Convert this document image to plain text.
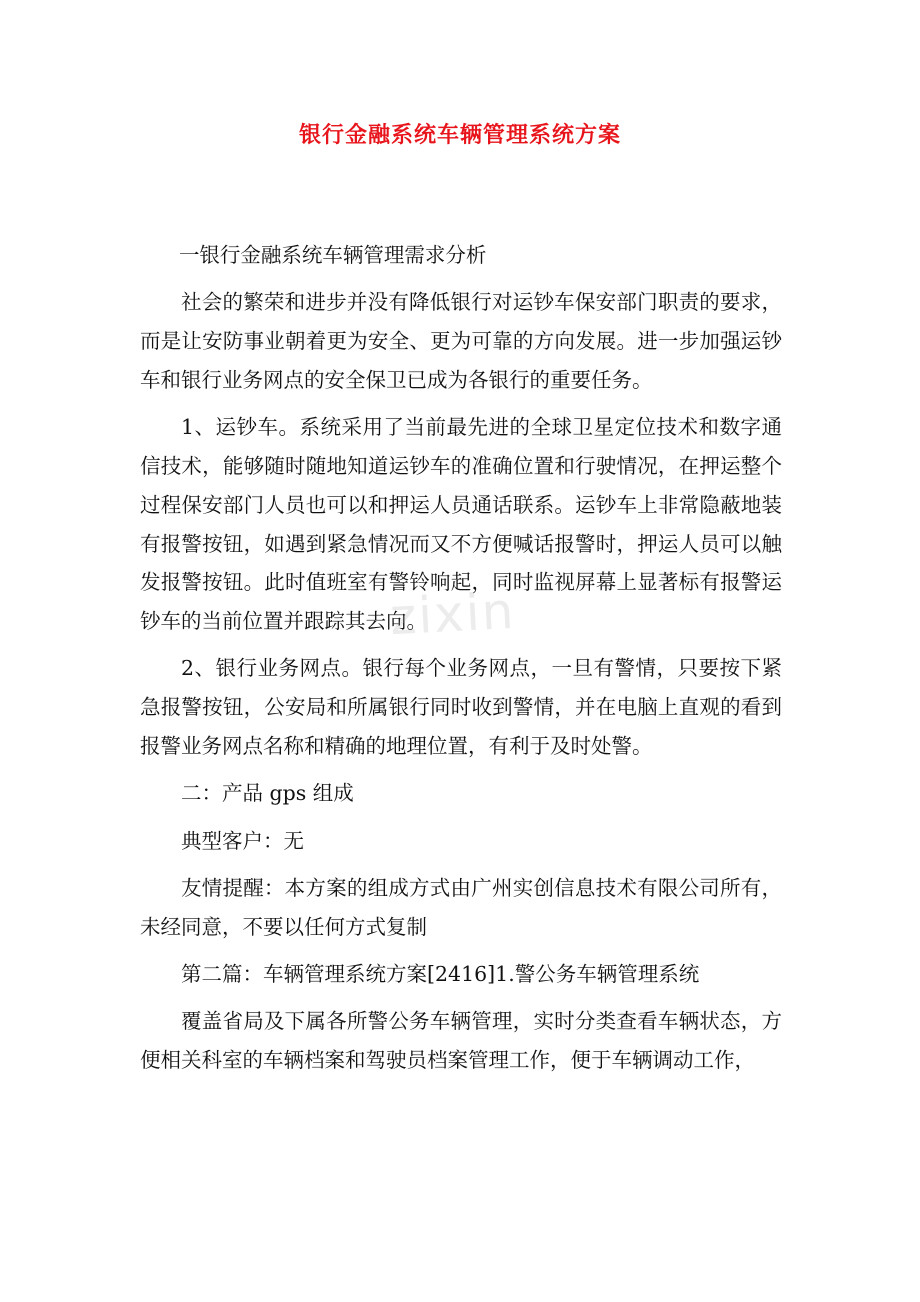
银行金融系统车辆管理系统方案

一银行金融系统车辆管理需求分析

社会的繁荣和进步并没有降低银行对运钞车保安部门职责的要求，而是让安防事业朝着更为安全、更为可靠的方向发展。进一步加强运钞车和银行业务网点的安全保卫已成为各银行的重要任务。

1、运钞车。系统采用了当前最先进的全球卫星定位技术和数字通信技术，能够随时随地知道运钞车的准确位置和行驶情况，在押运整个过程保安部门人员也可以和押运人员通话联系。运钞车上非常隐蔽地装有报警按钮，如遇到紧急情况而又不方便喊话报警时，押运人员可以触发报警按钮。此时值班室有警铃响起，同时监视屏幕上显著标有报警运钞车的当前位置并跟踪其去向。

2、银行业务网点。银行每个业务网点，一旦有警情，只要按下紧急报警按钮，公安局和所属银行同时收到警情，并在电脑上直观的看到报警业务网点名称和精确的地理位置，有利于及时处警。

二：产品 gps 组成

典型客户：无

友情提醒：本方案的组成方式由广州实创信息技术有限公司所有，未经同意，不要以任何方式复制

第二篇：车辆管理系统方案[2416]1.警公务车辆管理系统

覆盖省局及下属各所警公务车辆管理，实时分类查看车辆状态，方便相关科室的车辆档案和驾驶员档案管理工作，便于车辆调动工作，

zixin
